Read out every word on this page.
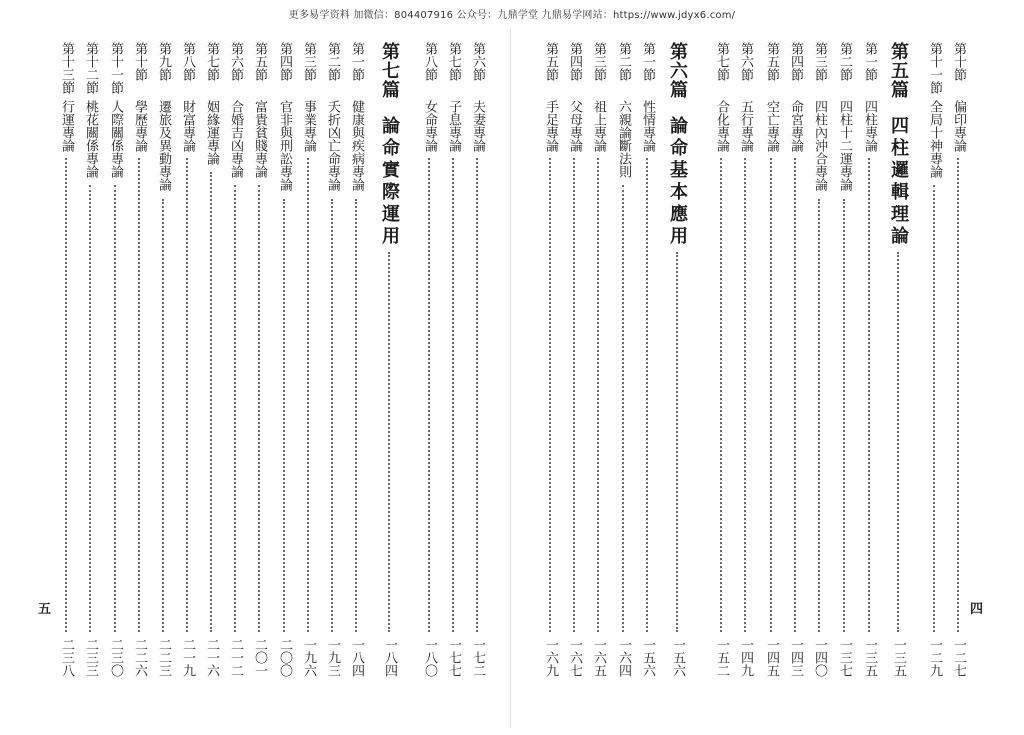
更多易学资料 加微信：804407916 公众号：九鼎学堂 九鼎易学网站：https://www.jdyx6.com/
第十節
偏印專論
一二七
第十一節
全局十神專論
一二九
第五篇
四柱邏輯理論
一三五
第一節
四柱專論
一三五
第二節
四柱十二運專論
一三七
第三節
四柱內沖合專論
一四〇
第四節
命宮專論
一四三
第五節
空亡專論
一四五
第六節
五行專論
一四九
第七節
合化專論
一五二
第六篇
論命基本應用
一五六
第一節
性情專論
一五六
第二節
六親論斷法則
一六四
第三節
祖上專論
一六五
第四節
父母專論
一六七
第五節
手足專論
一六九
四
第六節
夫妻專論
一七二
第七節
子息專論
一七七
第八節
女命專論
一八〇
第七篇
論命實際運用
一八四
第一節
健康與疾病專論
一八四
第二節
夭折凶亡命專論
一九三
第三節
事業專論
一九六
第四節
官非與刑訟專論
二〇〇
第五節
富貴貧賤專論
二〇一
第六節
合婚吉凶專論
二一二
第七節
姻緣運專論
二一六
第八節
財富專論
二一九
第九節
遷旅及異動專論
二二三
第十節
學歷專論
二二六
第十一節
人際關係專論
二三〇
第十二節
桃花關係專論
二三三
第十三節
行運專論
二三八
五
